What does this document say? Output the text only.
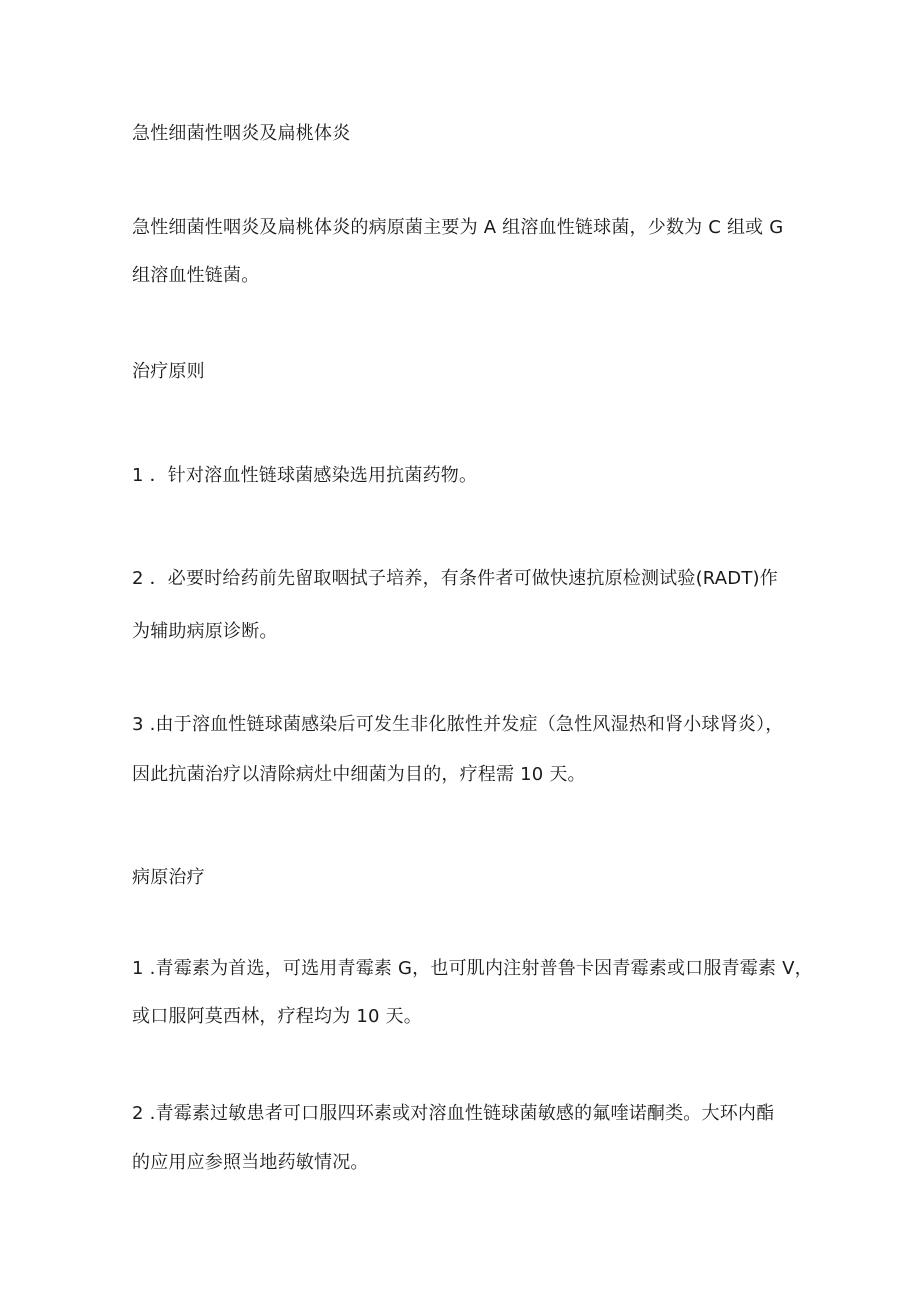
急性细菌性咽炎及扁桃体炎
急性细菌性咽炎及扁桃体炎的病原菌主要为 A 组溶血性链球菌，少数为 C 组或 G
组溶血性链菌。
治疗原则
1 ．针对溶血性链球菌感染选用抗菌药物。
2 ．必要时给药前先留取咽拭子培养，有条件者可做快速抗原检测试验(RADT)作
为辅助病原诊断。
3 .由于溶血性链球菌感染后可发生非化脓性并发症（急性风湿热和肾小球肾炎），
因此抗菌治疗以清除病灶中细菌为目的，疗程需 10 天。
病原治疗
1 .青霉素为首选，可选用青霉素 G，也可肌内注射普鲁卡因青霉素或口服青霉素 V，
或口服阿莫西林，疗程均为 10 天。
2 .青霉素过敏患者可口服四环素或对溶血性链球菌敏感的氟喹诺酮类。大环内酯
的应用应参照当地药敏情况。
